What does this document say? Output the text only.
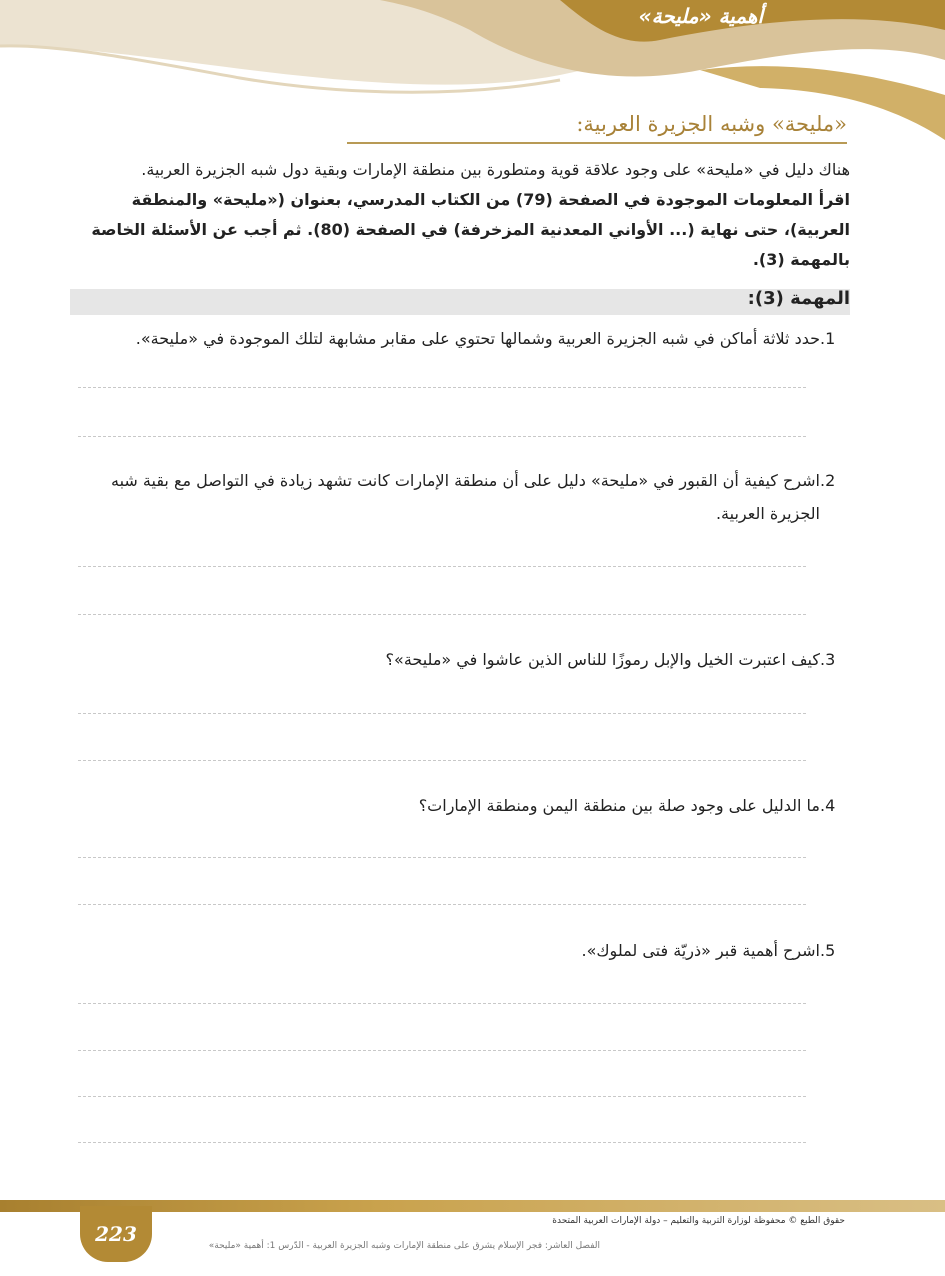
أهمية «مليحة»
«مليحة» وشبه الجزيرة العربية:
هناك دليل في «مليحة» على وجود علاقة قوية ومتطورة بين منطقة الإمارات وبقية دول شبه الجزيرة العربية.
اقرأ المعلومات الموجودة في الصفحة (79) من الكتاب المدرسي، بعنوان («مليحة» والمنطقة العربية)، حتى نهاية (... الأواني المعدنية المزخرفة) في الصفحة (80). ثم أجب عن الأسئلة الخاصة بالمهمة (3).
المهمة (3):
.1
حدد ثلاثة أماكن في شبه الجزيرة العربية وشمالها تحتوي على مقابر مشابهة لتلك الموجودة في «مليحة».
.2
اشرح كيفية أن القبور في «مليحة» دليل على أن منطقة الإمارات كانت تشهد زيادة في التواصل مع بقية شبه الجزيرة العربية.
.3
كيف اعتبرت الخيل والإبل رموزًا للناس الذين عاشوا في «مليحة»؟
.4
ما الدليل على وجود صلة بين منطقة اليمن ومنطقة الإمارات؟
.5
اشرح أهمية قبر «ذريّة فتى لملوك».
223
حقوق الطبع © محفوظة لوزارة التربية والتعليم – دولة الإمارات العربية المتحدة
الفصل العاشر: فجر الإسلام يشرق على منطقة الإمارات وشبه الجزيرة العربية - الدّرس 1: أهمية «مليحة»
